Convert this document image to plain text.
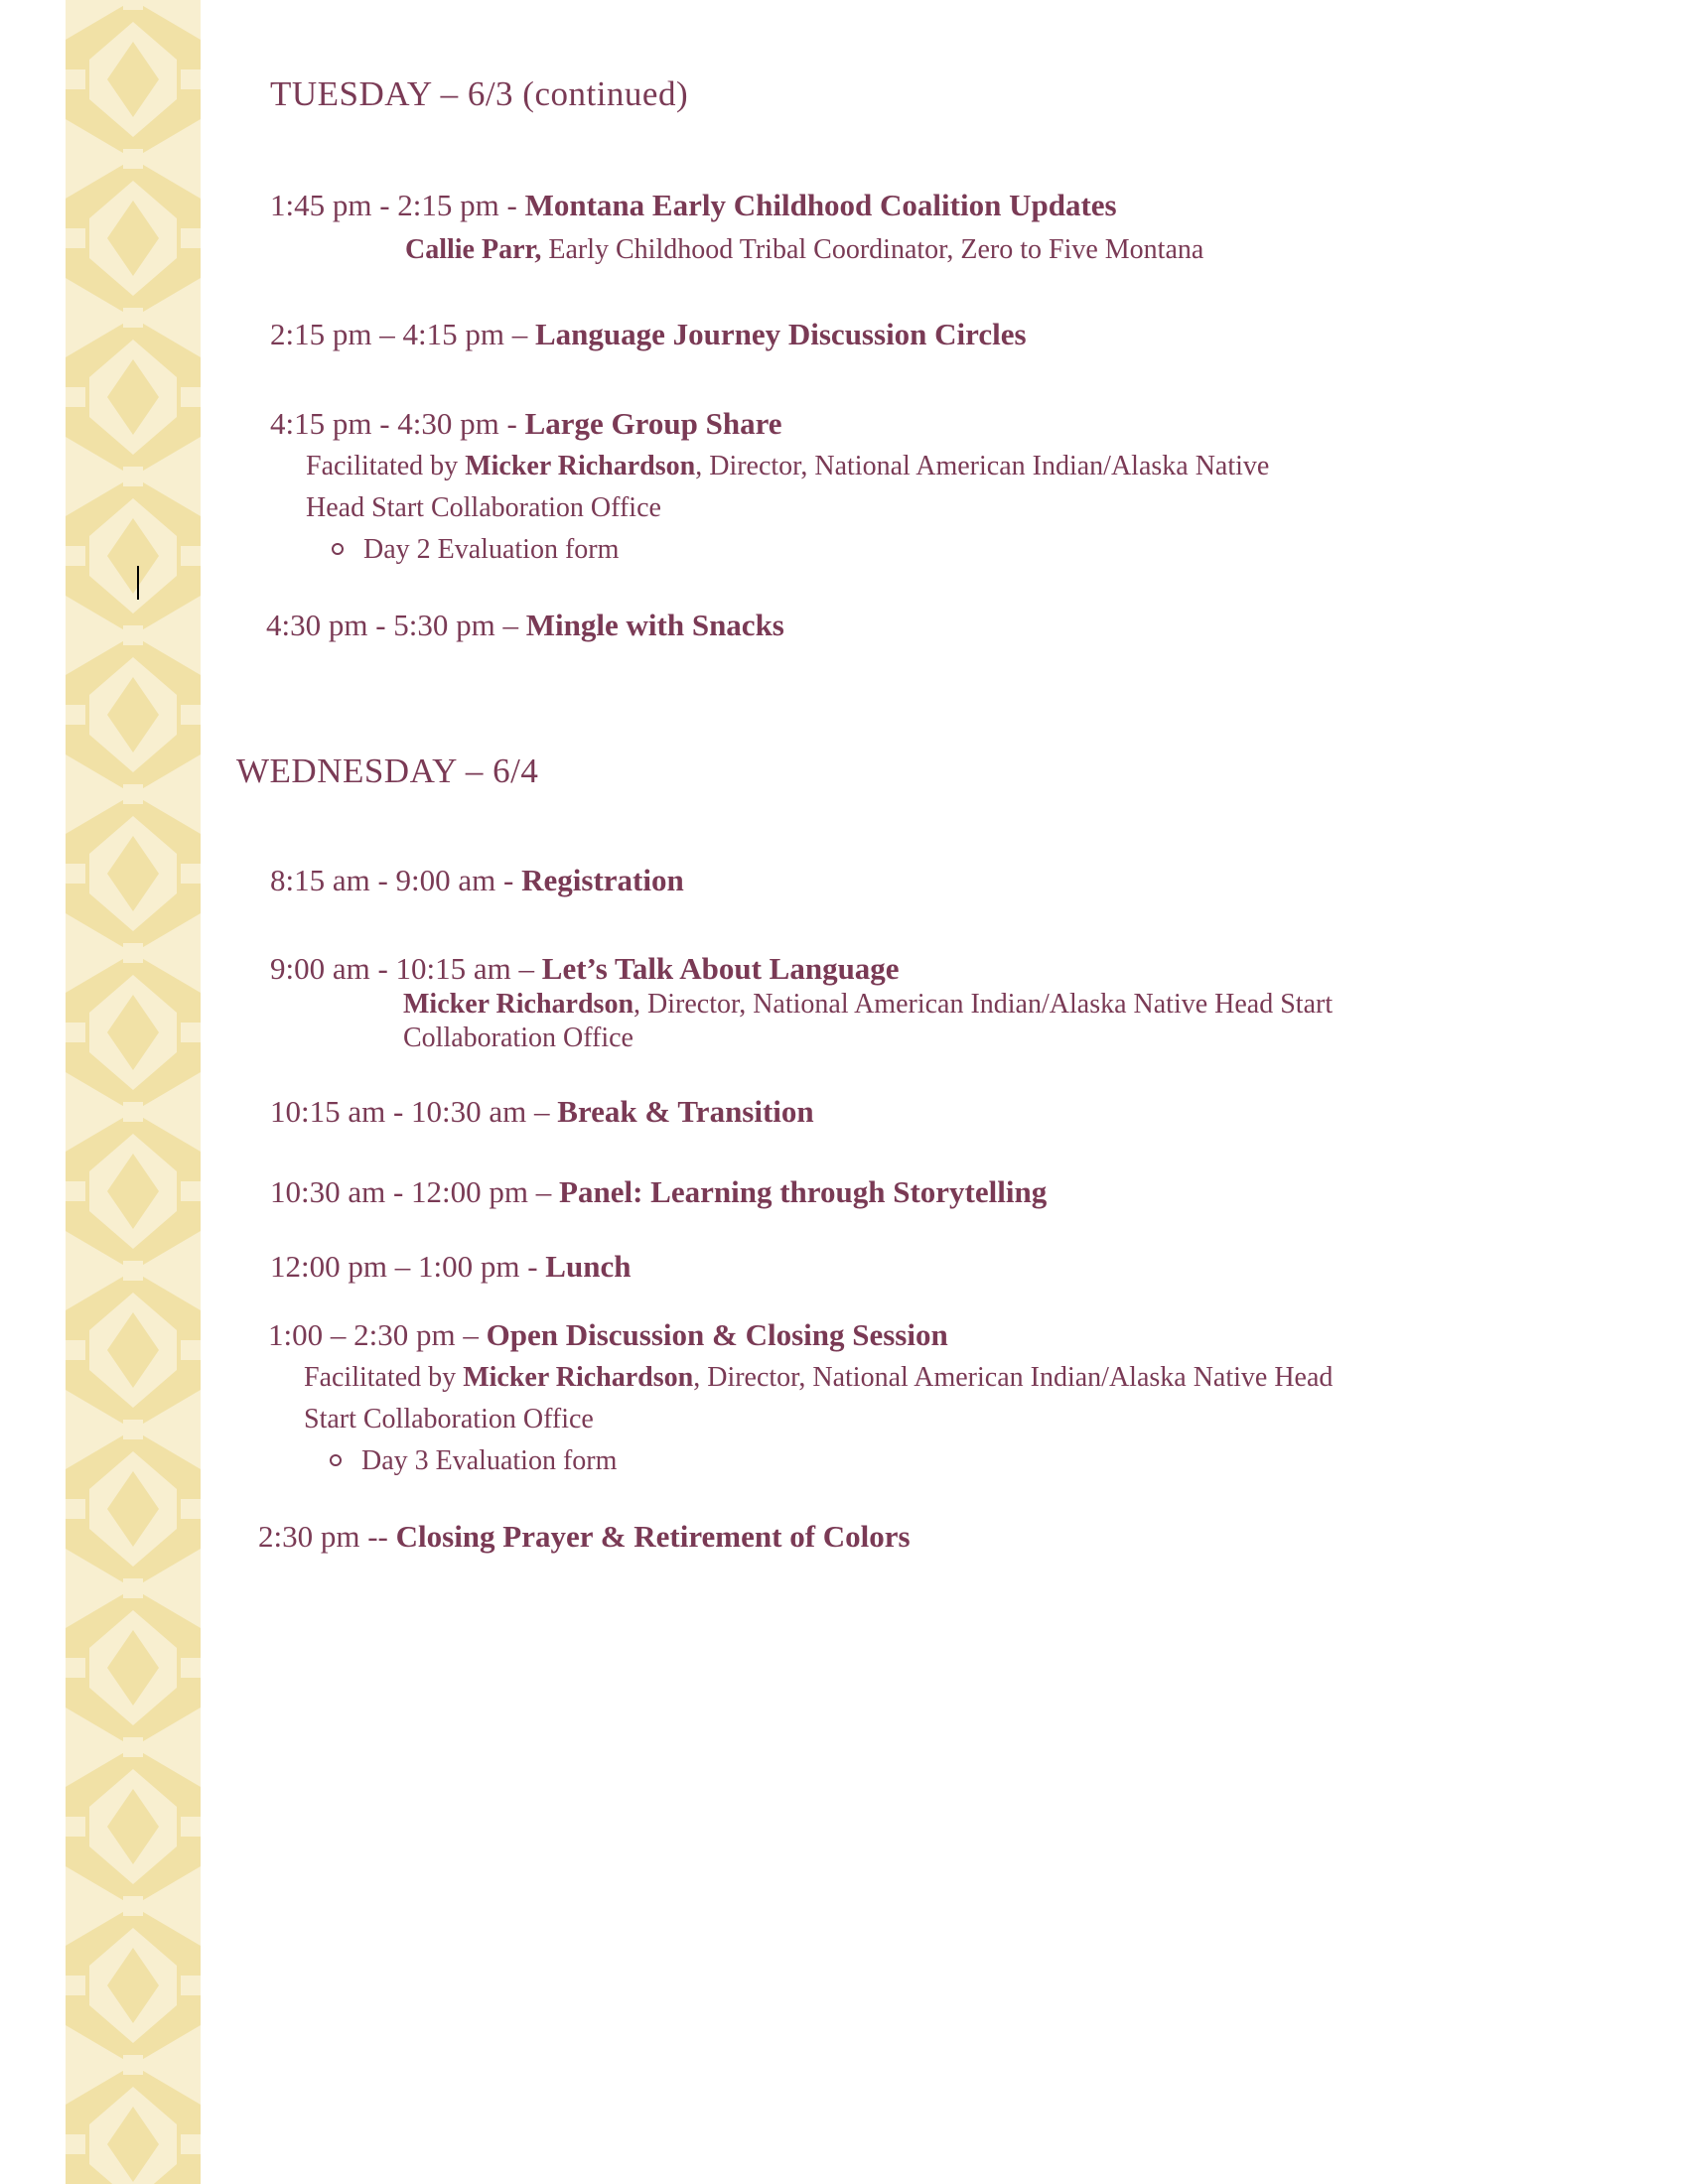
TUESDAY – 6/3 (continued)
1:45 pm - 2:15 pm - Montana Early Childhood Coalition Updates
Callie Parr, Early Childhood Tribal Coordinator, Zero to Five Montana
2:15 pm – 4:15 pm – Language Journey Discussion Circles
4:15 pm - 4:30 pm - Large Group Share
Facilitated by Micker Richardson, Director, National American Indian/Alaska Native
Head Start Collaboration Office
Day 2 Evaluation form
4:30 pm - 5:30 pm – Mingle with Snacks
WEDNESDAY – 6/4
8:15 am - 9:00 am - Registration
9:00 am - 10:15 am – Let’s Talk About Language
Micker Richardson, Director, National American Indian/Alaska Native Head Start
Collaboration Office
10:15 am - 10:30 am – Break & Transition
10:30 am - 12:00 pm – Panel: Learning through Storytelling
12:00 pm – 1:00 pm - Lunch
1:00 – 2:30 pm – Open Discussion & Closing Session
Facilitated by Micker Richardson, Director, National American Indian/Alaska Native Head
Start Collaboration Office
Day 3 Evaluation form
2:30 pm -- Closing Prayer & Retirement of Colors
